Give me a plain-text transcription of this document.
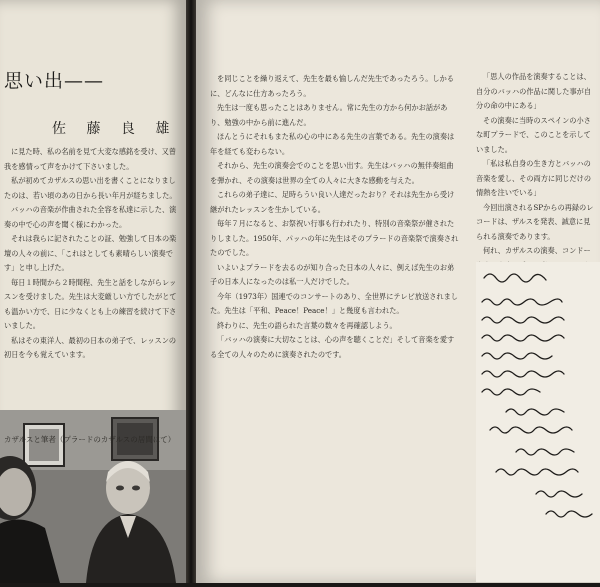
思い出——
佐 藤 良 雄

に見た時、私の名前を見て大変な感銘を受け、又曾我を感情って声をかけて下さいました。

私が初めてカザルスの思い出を書くことになりましたのは、若い頃のあの日から長い年月が経ちました。

バッハの音楽が作曲された全容を私達に示した、演奏の中で心の声を聞く様にわかった。

それは我らに記されたことの証、勉強して日本の楽壇の人々の前に、「これはとしても素晴らしい演奏です」と申し上げた。

毎日１時間から２時間程、先生と話をしながらレッスンを受けました。先生は大変厳しい方でしたがとても温かい方で、日に少なくとも上の練習を続けて下さいました。

私はその東洋人、最初の日本の弟子で、レッスンの初日を今も覚えています。

カザルスと筆者（プラードのカザルスの居間にて）

を同じことを繰り返えて、先生を最も愉しんだ先生であったろう。しかるに、どんなに仕方あったろう。

先生は一度も思ったことはありません。常に先生の方から何かお話があり、勉強の中から前に進んだ。

ほんとうにそれもまた私の心の中にある先生の言葉である。先生の演奏は年を経ても変わらない。

それから、先生の演奏会でのことを思い出す。先生はバッハの無伴奏組曲を弾かれ、その演奏は世界の全ての人々に大きな感動を与えた。

これらの弟子達に、足時らうい良い人達だったおり？それは先生から受け継がれたレッスンを生かしている。

毎年７月になると、お祭祝い行事も行われたり、特別の音楽祭が催されたりしました。1950年、パッハの年に先生はそのプラードの音楽祭で演奏されたのでした。

いよいよプラードを去るのが知り合った日本の人々に、例えば先生のお弟子の日本人になったのは私一人だけでした。

今年（1973年）国連でのコンサートのあり、全世界にテレビ放送されました。先生は「平和、Peace！Peace！」と幾度も言われた。

終わりに、先生の語られた言葉の数々を再確認しよう。

「バッハの演奏に大切なことは、心の声を聴くことだ」そして音楽を愛する全ての人々のために演奏されたのです。

「思人の作品を演奏することは、自分のバッハの作品に関した事が自分の命の中にある」

その演奏に当時のスペインの小さな町プラードで、このことを示していました。

「私は私自身の生き方とバッハの音楽を愛し、その両方に同じだけの情熱を注いでいる」

今回出演されるSPからの再録のレコードは、ザルスを発表、誠意に見られる演奏であります。

何れ、カザルスの演奏、コンドー
